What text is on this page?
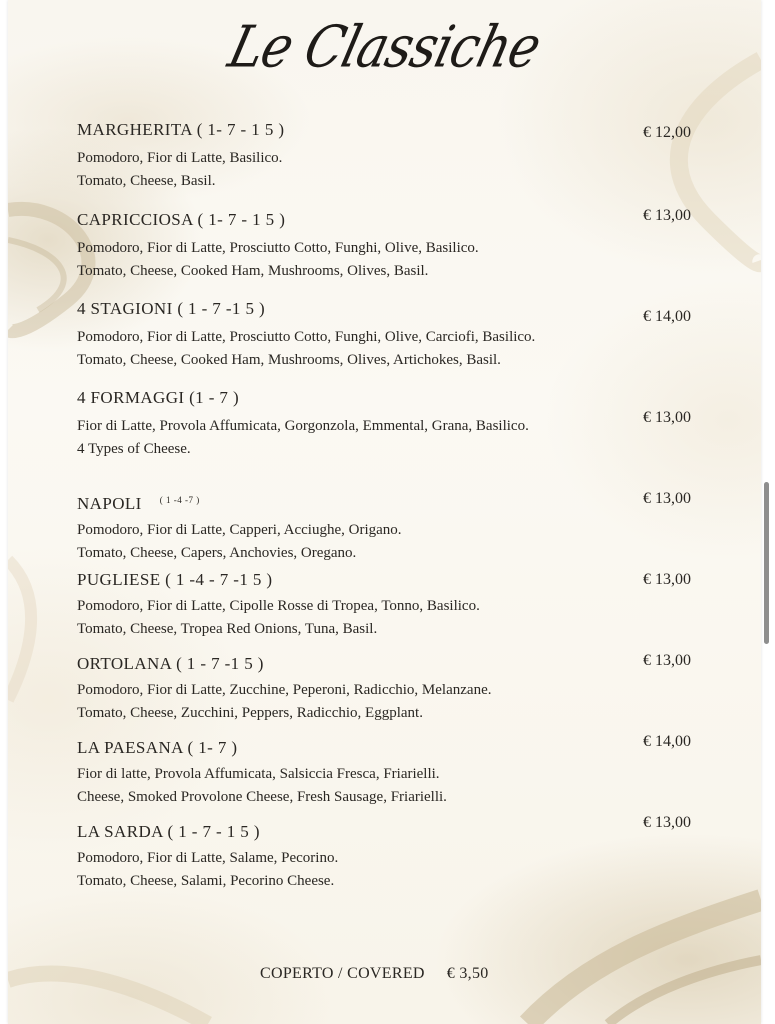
Le Classiche
MARGHERITA ( 1- 7 - 1 5 )
Pomodoro, Fior di Latte, Basilico.
Tomato, Cheese, Basil.
€ 12,00
CAPRICCIOSA ( 1- 7 - 1 5 )
Pomodoro, Fior di Latte, Prosciutto Cotto, Funghi, Olive, Basilico.
Tomato, Cheese, Cooked Ham, Mushrooms, Olives, Basil.
€ 13,00
4 STAGIONI ( 1 - 7 -1 5 )
Pomodoro, Fior di Latte, Prosciutto Cotto, Funghi, Olive, Carciofi, Basilico.
Tomato, Cheese, Cooked Ham, Mushrooms, Olives, Artichokes, Basil.
€ 14,00
4 FORMAGGI (1 - 7 )
Fior di Latte, Provola Affumicata, Gorgonzola, Emmental, Grana, Basilico.
4 Types of Cheese.
€ 13,00
NAPOLI $^{( 1 -4 -7 )}$
Pomodoro, Fior di Latte, Capperi, Acciughe, Origano.
Tomato, Cheese, Capers, Anchovies, Oregano.
€ 13,00
PUGLIESE ( 1 -4 - 7 -1 5 )
Pomodoro, Fior di Latte, Cipolle Rosse di Tropea, Tonno, Basilico.
Tomato, Cheese, Tropea Red Onions, Tuna, Basil.
€ 13,00
ORTOLANA ( 1 - 7 -1 5 )
Pomodoro, Fior di Latte, Zucchine, Peperoni, Radicchio, Melanzane.
Tomato, Cheese, Zucchini, Peppers, Radicchio, Eggplant.
€ 13,00
LA PAESANA ( 1- 7 )
Fior di latte, Provola Affumicata, Salsiccia Fresca, Friarielli.
Cheese, Smoked Provolone Cheese, Fresh Sausage, Friarielli.
€ 14,00
LA SARDA ( 1 - 7 - 1 5 )
Pomodoro, Fior di Latte, Salame, Pecorino.
Tomato, Cheese, Salami, Pecorino Cheese.
€ 13,00
COPERTO / COVERED € 3,50
